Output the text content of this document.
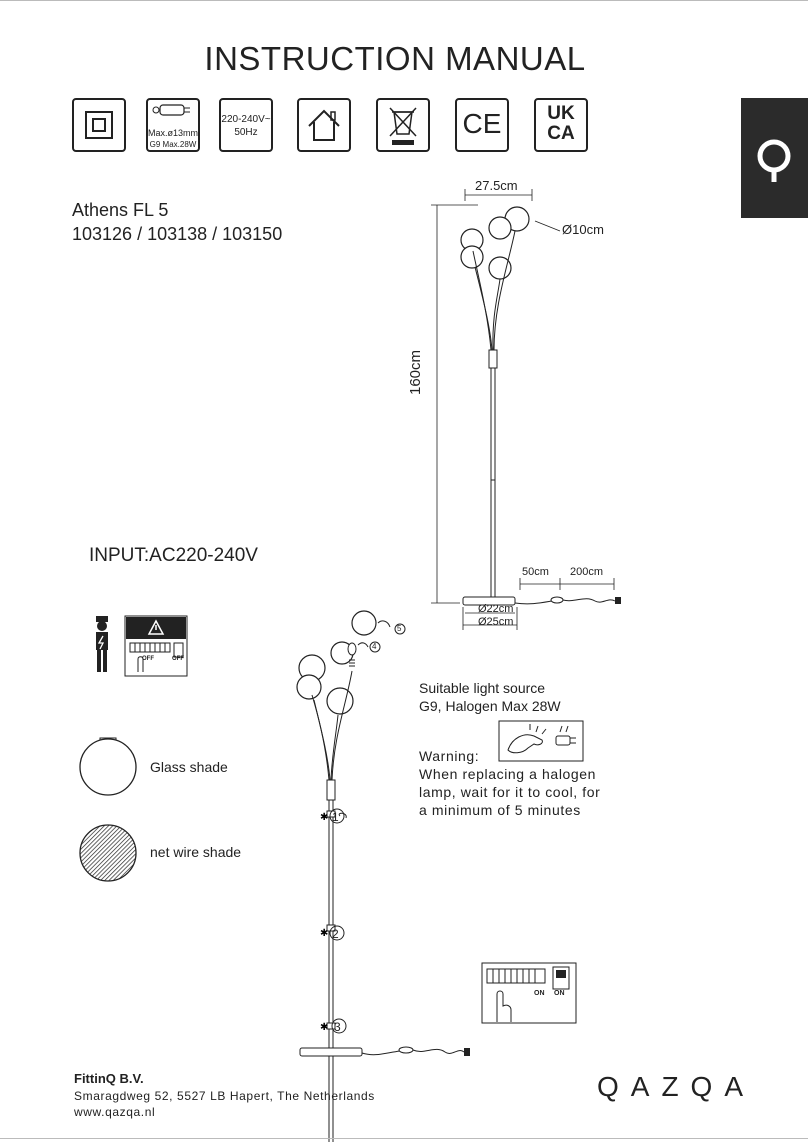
INSTRUCTION MANUAL
Max.ø13mm
G9 Max.28W
220-240V~
50Hz	CE	UK
CA
Athens FL 5
103126 / 103138 / 103150
27.5cm
Ø10cm
160cm
50cm 200cm
Ø22cm
Ø25cm
INPUT:AC220-240V
OFF	OFF
Glass shade
net wire shade
✱
✱
✱
1
2
3
4
5
Suitable light source
G9, Halogen Max 28W
Warning:
When replacing a halogen
lamp, wait for it to cool, for
a minimum of 5 minutes
ON ON
FittinQ B.V.
Smaragdweg 52, 5527 LB Hapert, The Netherlands
www.qazqa.nl
QAZQA
